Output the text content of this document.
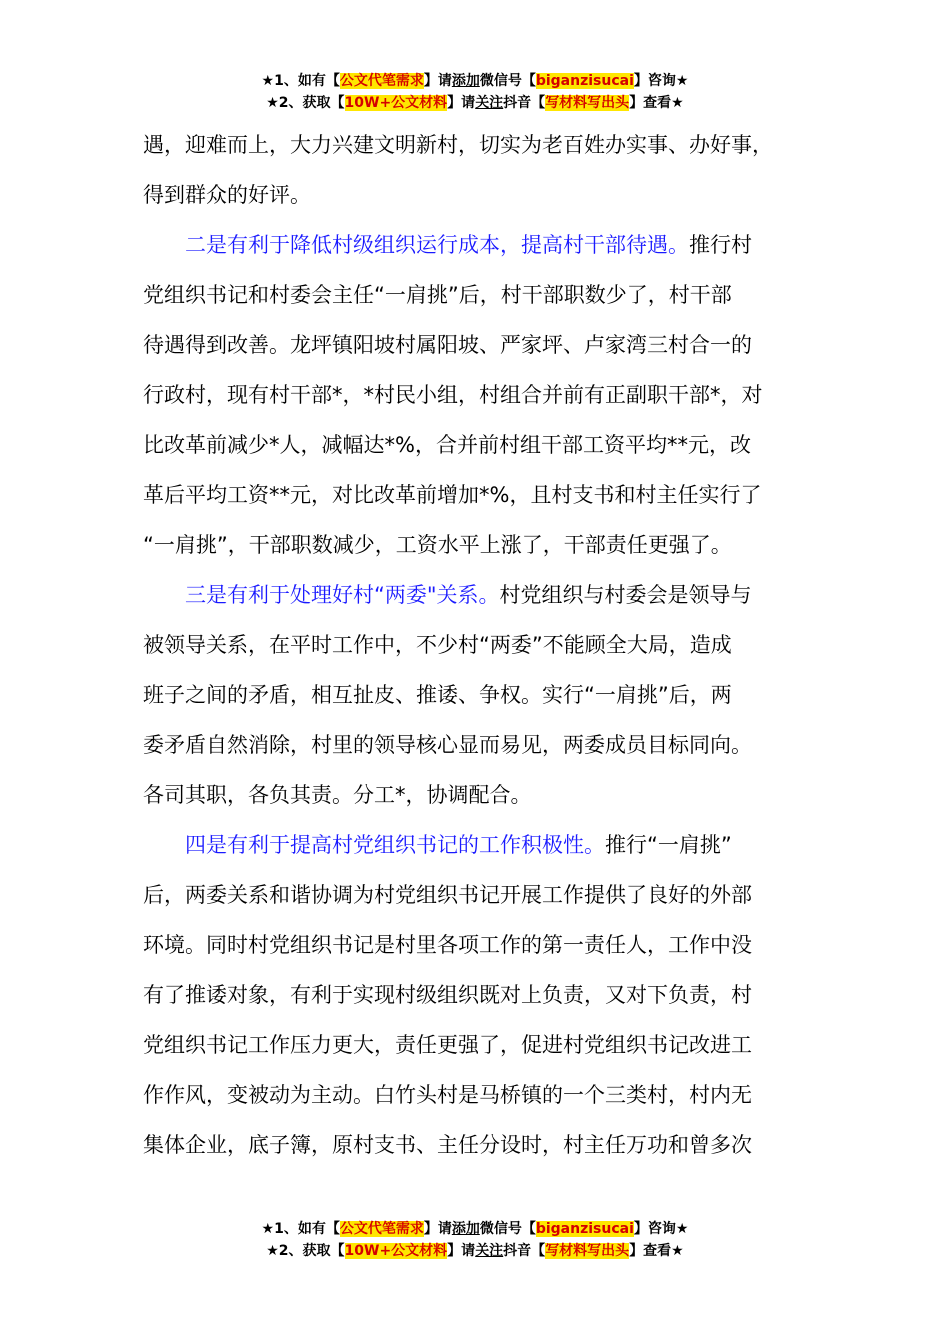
★1、如有【公文代笔需求】请添加微信号【biganzisucai】咨询★
★2、获取【10W+公文材料】请关注抖音【写材料写出头】查看★
遇，迎难而上，大力兴建文明新村，切实为老百姓办实事、办好事，
得到群众的好评。
二是有利于降低村级组织运行成本，提高村干部待遇。推行村
党组织书记和村委会主任“一肩挑”后，村干部职数少了，村干部
待遇得到改善。龙坪镇阳坡村属阳坡、严家坪、卢家湾三村合一的
行政村，现有村干部*，*村民小组，村组合并前有正副职干部*，对
比改革前减少*人，减幅达*%，合并前村组干部工资平均**元，改
革后平均工资**元，对比改革前增加*%，且村支书和村主任实行了
“一肩挑”，干部职数减少，工资水平上涨了，干部责任更强了。
三是有利于处理好村“两委"关系。村党组织与村委会是领导与
被领导关系，在平时工作中，不少村“两委”不能顾全大局，造成
班子之间的矛盾，相互扯皮、推诿、争权。实行“一肩挑”后，两
委矛盾自然消除，村里的领导核心显而易见，两委成员目标同向。
各司其职，各负其责。分工*，协调配合。
四是有利于提高村党组织书记的工作积极性。推行“一肩挑”
后，两委关系和谐协调为村党组织书记开展工作提供了良好的外部
环境。同时村党组织书记是村里各项工作的第一责任人，工作中没
有了推诿对象，有利于实现村级组织既对上负责，又对下负责，村
党组织书记工作压力更大，责任更强了，促进村党组织书记改进工
作作风，变被动为主动。白竹头村是马桥镇的一个三类村，村内无
集体企业，底子簿，原村支书、主任分设时，村主任万功和曾多次
★1、如有【公文代笔需求】请添加微信号【biganzisucai】咨询★
★2、获取【10W+公文材料】请关注抖音【写材料写出头】查看★
